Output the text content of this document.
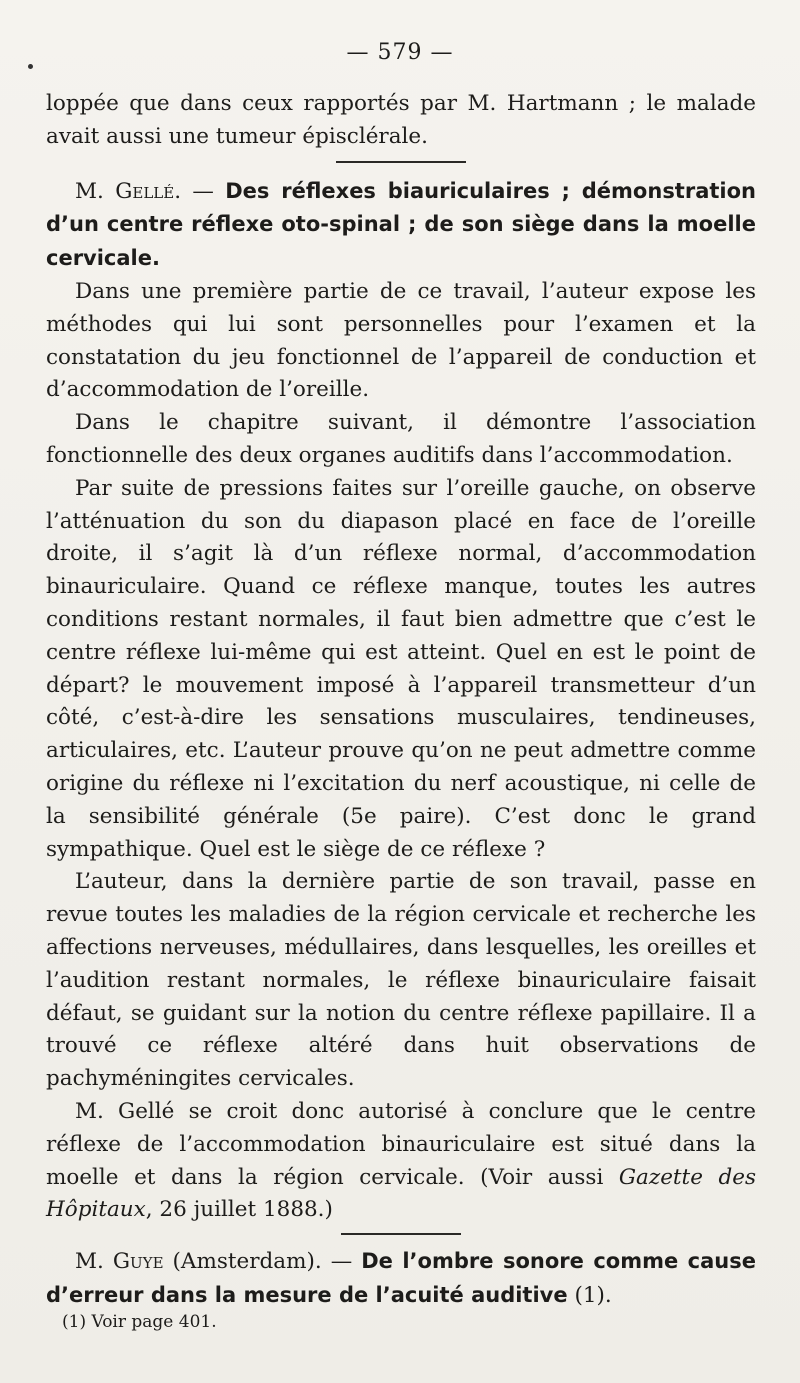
— 579 —

loppée que dans ceux rapportés par M. Hartmann ; le malade avait aussi une tumeur épisclérale.

M. Gellé. — Des réflexes biauriculaires ; démonstration d’un centre réflexe oto-spinal ; de son siège dans la moelle cervicale.

Dans une première partie de ce travail, l’auteur expose les méthodes qui lui sont personnelles pour l’examen et la constatation du jeu fonctionnel de l’appareil de conduction et d’accommodation de l’oreille.

Dans le chapitre suivant, il démontre l’association fonctionnelle des deux organes auditifs dans l’accommodation.

Par suite de pressions faites sur l’oreille gauche, on observe l’atténuation du son du diapason placé en face de l’oreille droite, il s’agit là d’un réflexe normal, d’accommodation binauriculaire. Quand ce réflexe manque, toutes les autres conditions restant normales, il faut bien admettre que c’est le centre réflexe lui-même qui est atteint. Quel en est le point de départ? le mouvement imposé à l’appareil transmetteur d’un côté, c’est-à-dire les sensations musculaires, tendineuses, articulaires, etc. L’auteur prouve qu’on ne peut admettre comme origine du réflexe ni l’excitation du nerf acoustique, ni celle de la sensibilité générale (5e paire). C’est donc le grand sympathique. Quel est le siège de ce réflexe ?

L’auteur, dans la dernière partie de son travail, passe en revue toutes les maladies de la région cervicale et recherche les affections nerveuses, médullaires, dans lesquelles, les oreilles et l’audition restant normales, le réflexe binauriculaire faisait défaut, se guidant sur la notion du centre réflexe papillaire. Il a trouvé ce réflexe altéré dans huit observations de pachyméningites cervicales.

M. Gellé se croit donc autorisé à conclure que le centre réflexe de l’accommodation binauriculaire est situé dans la moelle et dans la région cervicale. (Voir aussi Gazette des Hôpitaux, 26 juillet 1888.)

M. Guye (Amsterdam). — De l’ombre sonore comme cause d’erreur dans la mesure de l’acuité auditive (1).

(1) Voir page 401.
